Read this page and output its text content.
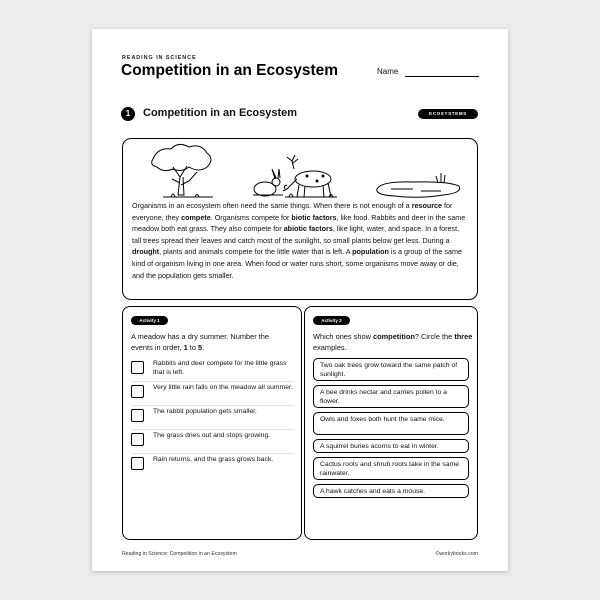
READING IN SCIENCE
Competition in an Ecosystem	Name
1	Competition in an Ecosystem	ECOSYSTEMS
Organisms in an ecosystem often need the same things. When there is not enough of a resource for everyone, they compete. Organisms compete for biotic factors, like food. Rabbits and deer in the same meadow both eat grass. They also compete for abiotic factors, like light, water, and space. In a forest, tall trees spread their leaves and catch most of the sunlight, so small plants below get less. During a drought, plants and animals compete for the little water that is left. A population is a group of the same kind of organism living in one area. When food or water runs short, some organisms move away or die, and the population gets smaller.
Activity 1
A meadow has a dry summer. Number the events in order, 1 to 5.
Rabbits and deer compete for the little grass that is left.
Very little rain falls on the meadow all summer.
The rabbit population gets smaller.
The grass dries out and stops growing.
Rain returns, and the grass grows back.
Activity 2
Which ones show competition? Circle the three examples.
Two oak trees grow toward the same patch of sunlight.
A bee drinks nectar and carries pollen to a flower.
Owls and foxes both hunt the same mice.
A squirrel buries acorns to eat in winter.
Cactus roots and shrub roots take in the same rainwater.
A hawk catches and eats a mouse.
Reading in Science: Competition in an Ecosystem	©workybooks.com
